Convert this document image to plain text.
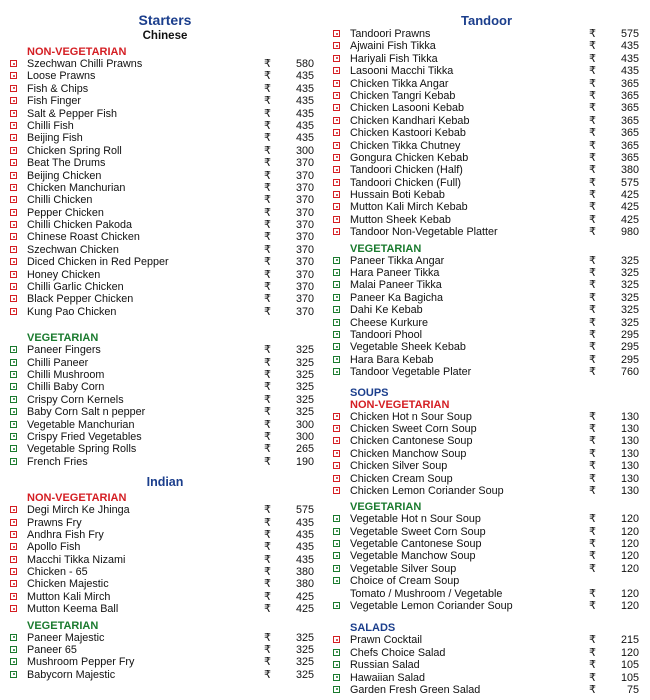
Starters
Chinese
NON-VEGETARIAN
Szechwan Chilli Prawns	₹	580
Loose Prawns	₹	435
Fish & Chips	₹	435
Fish Finger	₹	435
Salt & Pepper Fish	₹	435
Chilli Fish	₹	435
Beijing Fish	₹	435
Chicken Spring Roll	₹	300
Beat The Drums	₹	370
Beijing Chicken	₹	370
Chicken Manchurian	₹	370
Chilli Chicken	₹	370
Pepper Chicken	₹	370
Chilli Chicken Pakoda	₹	370
Chinese Roast Chicken	₹	370
Szechwan Chicken	₹	370
Diced Chicken in Red Pepper	₹	370
Honey Chicken	₹	370
Chilli Garlic Chicken	₹	370
Black Pepper Chicken	₹	370
Kung Pao Chicken	₹	370
VEGETARIAN
Paneer Fingers	₹	325
Chilli Paneer	₹	325
Chilli Mushroom	₹	325
Chilli Baby Corn	₹	325
Crispy Corn Kernels	₹	325
Baby Corn Salt n pepper	₹	325
Vegetable Manchurian	₹	300
Crispy Fried Vegetables	₹	300
Vegetable Spring Rolls	₹	265
French Fries	₹	190
Indian
NON-VEGETARIAN
Degi Mirch Ke Jhinga	₹	575
Prawns Fry	₹	435
Andhra Fish Fry	₹	435
Apollo Fish	₹	435
Macchi Tikka Nizami	₹	435
Chicken - 65	₹	380
Chicken Majestic	₹	380
Mutton Kali Mirch	₹	425
Mutton Keema Ball	₹	425
VEGETARIAN
Paneer Majestic	₹	325
Paneer 65	₹	325
Mushroom Pepper Fry	₹	325
Babycorn Majestic	₹	325
Tandoor
Tandoori Prawns	₹	575
Ajwaini Fish Tikka	₹	435
Hariyali Fish Tikka	₹	435
Lasooni Macchi Tikka	₹	435
Chicken Tikka Angar	₹	365
Chicken Tangri Kebab	₹	365
Chicken Lasooni Kebab	₹	365
Chicken Kandhari Kebab	₹	365
Chicken Kastoori Kebab	₹	365
Chicken Tikka Chutney	₹	365
Gongura Chicken Kebab	₹	365
Tandoori Chicken (Half)	₹	380
Tandoori Chicken (Full)	₹	575
Hussain Boti Kebab	₹	425
Mutton Kali Mirch Kebab	₹	425
Mutton Sheek Kebab	₹	425
Tandoor Non-Vegetable Platter	₹	980
VEGETARIAN
Paneer Tikka Angar	₹	325
Hara Paneer Tikka	₹	325
Malai Paneer Tikka	₹	325
Paneer Ka Bagicha	₹	325
Dahi Ke Kebab	₹	325
Cheese Kurkure	₹	325
Tandoori Phool	₹	295
Vegetable Sheek Kebab	₹	295
Hara Bara Kebab	₹	295
Tandoor Vegetable Plater	₹	760
SOUPS
NON-VEGETARIAN
Chicken Hot n Sour Soup	₹	130
Chicken Sweet Corn Soup	₹	130
Chicken Cantonese Soup	₹	130
Chicken Manchow Soup	₹	130
Chicken Silver Soup	₹	130
Chicken Cream Soup	₹	130
Chicken Lemon Coriander Soup	₹	130
VEGETARIAN
Vegetable Hot n Sour Soup	₹	120
Vegetable Sweet Corn Soup	₹	120
Vegetable Cantonese Soup	₹	120
Vegetable Manchow Soup	₹	120
Vegetable Silver Soup	₹	120
Choice of Cream Soup
Tomato / Mushroom / Vegetable	₹	120
Vegetable Lemon Coriander Soup	₹	120
SALADS
Prawn Cocktail	₹	215
Chefs Choice Salad	₹	120
Russian Salad	₹	105
Hawaiian Salad	₹	105
Garden Fresh Green Salad	₹	75
